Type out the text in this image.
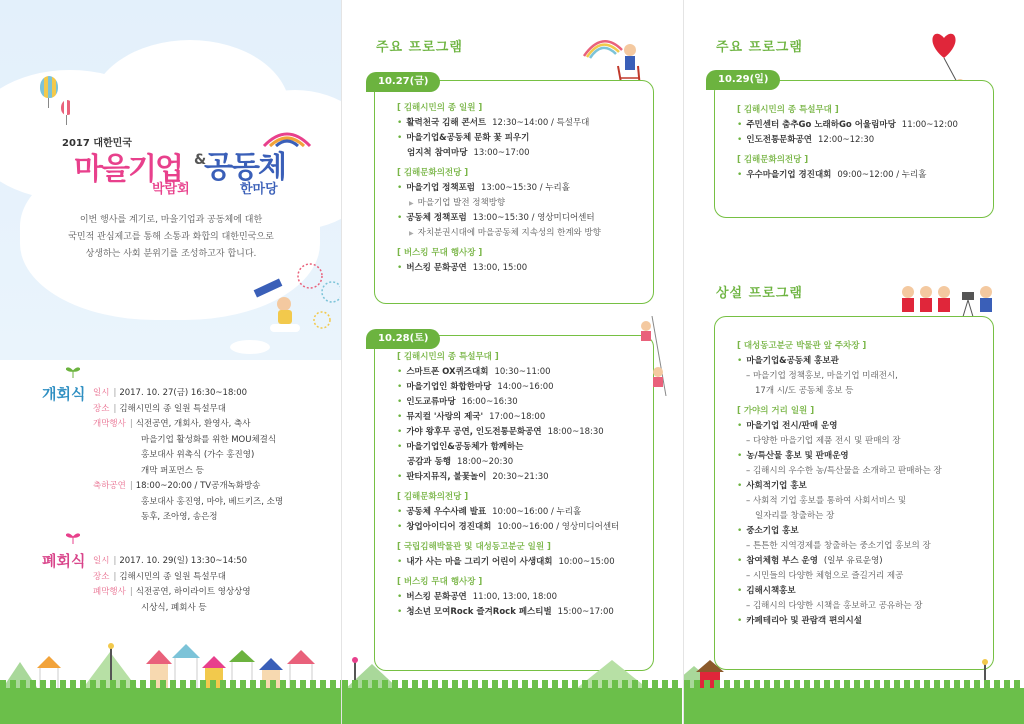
2017 대한민국
마을기업 &
공동체
박람회	한마당
이번 행사를 계기로, 마을기업과 공동체에 대한
국민적 관심제고를 통해 소통과 화합의 대한민국으로
상생하는 사회 분위기를 조성하고자 합니다.
개회식 일시 | 2017. 10. 27(금) 16:30~18:00
장소 | 김해시민의 종 일원 특설무대
개막행사 | 식전공연, 개회사, 환영사, 축사
마을기업 활성화를 위한 MOU체결식
홍보대사 위촉식 (가수 홍진영)
개막 퍼포먼스 등
축하공연 | 18:00~20:00 / TV공개녹화방송
홍보대사 홍진영, 마야, 베드키즈, 소명
동후, 조아영, 송은정
폐회식 일시 | 2017. 10. 29(일) 13:30~14:50
장소 | 김해시민의 종 일원 특설무대
폐막행사 | 식전공연, 하이라이트 영상상영
시상식, 폐회사 등
주요 프로그램
[ 김해시민의 종 일원 ]
• 활력천국 김해 콘서트 12:30~14:00 / 특설무대
• 마을기업&공동체 문화 꽃 피우기
엄지척 참여마당 13:00~17:00
[ 김해문화의전당 ]
• 마을기업 정책포럼 13:00~15:30 / 누리홀
▶ 마을기업 발전 정책방향
• 공동체 정책포럼 13:00~15:30 / 영상미디어센터
▶ 자치분권시대에 마을공동체 지속성의 한계와 방향
[ 버스킹 무대 행사장 ]
• 버스킹 문화공연 13:00, 15:00
10.27(금)
[ 김해시민의 종 특설무대 ]
• 스마트폰 OX퀴즈대회 10:30~11:00
• 마을기업인 화합한마당 14:00~16:00
• 인도교류마당 16:00~16:30
• 뮤지컬 '사랑의 제국' 17:00~18:00
• 가야 왕후무 공연, 인도전통문화공연 18:00~18:30
• 마을기업인&공동체가 함께하는
공감과 동행 18:00~20:30
• 판타지뮤직, 불꽃놀이 20:30~21:30
[ 김해문화의전당 ]
• 공동체 우수사례 발표 10:00~16:00 / 누리홀
• 창업아이디어 경진대회 10:00~16:00 / 영상미디어센터
[ 국립김해박물관 및 대성동고분군 일원 ]
• 내가 사는 마을 그리기 어린이 사생대회 10:00~15:00
[ 버스킹 무대 행사장 ]
• 버스킹 문화공연 11:00, 13:00, 18:00
• 청소년 모여Rock 즐겨Rock 페스티벌 15:00~17:00
10.28(토)
주요 프로그램
[ 김해시민의 종 특설무대 ]
• 주민센터 춤추Go 노래하Go 어울림마당 11:00~12:00
• 인도전통문화공연 12:00~12:30
[ 김해문화의전당 ]
• 우수마을기업 경진대회 09:00~12:00 / 누리홀
10.29(일)
상설 프로그램
[ 대성동고분군 박물관 앞 주차장 ]
• 마을기업&공동체 홍보관
– 마을기업 정책홍보, 마을기업 미래전시,
17개 시/도 공동체 홍보 등
[ 가야의 거리 일원 ]
• 마을기업 전시/판매 운영
– 다양한 마을기업 제품 전시 및 판매의 장
• 농/특산물 홍보 및 판매운영
– 김해시의 우수한 농/특산물을 소개하고 판매하는 장
• 사회적기업 홍보
– 사회적 기업 홍보를 통하여 사회서비스 및
일자리를 창출하는 장
• 중소기업 홍보
– 튼튼한 지역경제를 창출하는 중소기업 홍보의 장
• 참여체험 부스 운영 (일부 유료운영)
– 시민들의 다양한 체험으로 즐길거리 제공
• 김해시책홍보
– 김해시의 다양한 시책을 홍보하고 공유하는 장
• 카페테리아 및 관람객 편의시설
